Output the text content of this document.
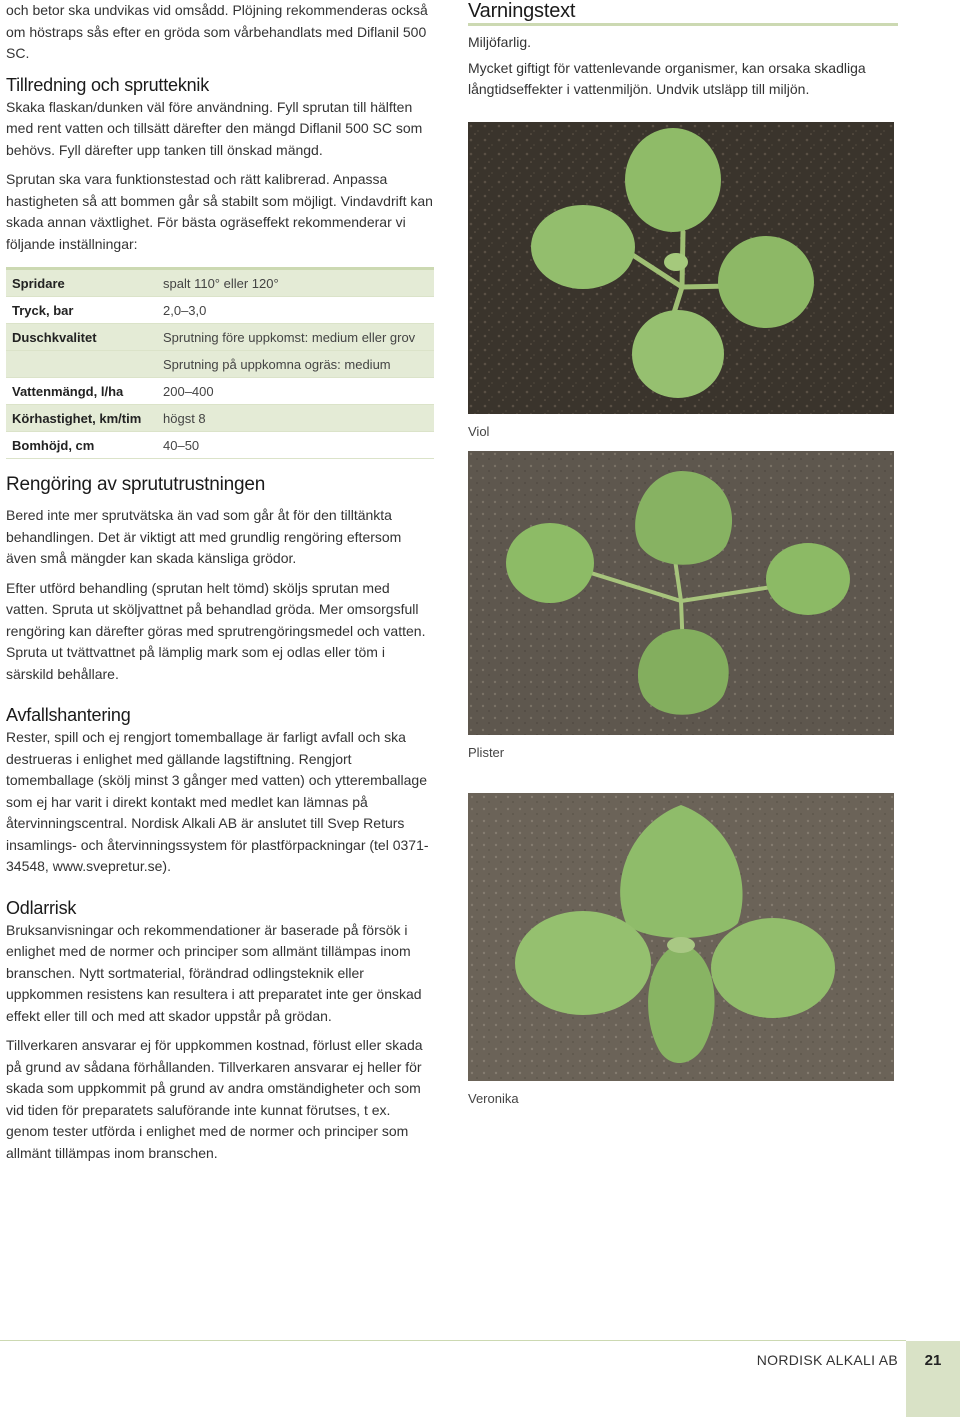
och betor ska undvikas vid omsådd. Plöjning rekommenderas också om höstraps sås efter en gröda som vårbehandlats med Diflanil 500 SC.

Tillredning och sprutteknik

Skaka flaskan/dunken väl före användning. Fyll sprutan till hälften med rent vatten och tillsätt därefter den mängd Diflanil 500 SC som behövs. Fyll därefter upp tanken till önskad mängd.

Sprutan ska vara funktionstestad och rätt kalibrerad. Anpassa hastigheten så att bommen går så stabilt som möjligt. Vindavdrift kan skada annan växtlighet. För bästa ogräseffekt rekommenderar vi följande inställningar:

Spridare	spalt 110° eller 120°
Tryck, bar	2,0–3,0
Duschkvalitet	Sprutning före uppkomst: medium eller grov
Sprutning på uppkomna ogräs: medium
Vattenmängd, l/ha	200–400
Körhastighet, km/tim	högst 8
Bomhöjd, cm	40–50
Rengöring av sprututrustningen

Bered inte mer sprutvätska än vad som går åt för den tilltänkta behandlingen. Det är viktigt att med grundlig rengöring eftersom även små mängder kan skada känsliga grödor.

Efter utförd behandling (sprutan helt tömd) sköljs sprutan med vatten. Spruta ut sköljvattnet på behandlad gröda. Mer omsorgsfull rengöring kan därefter göras med sprutrengöringsmedel och vatten. Spruta ut tvättvattnet på lämplig mark som ej odlas eller töm i särskild behållare.

Avfallshantering

Rester, spill och ej rengjort tomemballage är farligt avfall och ska destrueras i enlighet med gällande lagstiftning. Rengjort tomemballage (skölj minst 3 gånger med vatten) och ytteremballage som ej har varit i direkt kontakt med medlet kan lämnas på återvinningscentral. Nordisk Alkali AB är anslutet till Svep Returs insamlings- och återvinningssystem för plastförpackningar (tel 0371-34548, www.svepretur.se).

Odlarrisk

Bruksanvisningar och rekommendationer är baserade på försök i enlighet med de normer och principer som allmänt tillämpas inom branschen. Nytt sortmaterial, förändrad odlingsteknik eller uppkommen resistens kan resultera i att preparatet inte ger önskad effekt eller till och med att skador uppstår på grödan.

Tillverkaren ansvarar ej för uppkommen kostnad, förlust eller skada på grund av sådana förhållanden. Tillverkaren ansvarar ej heller för skada som uppkommit på grund av andra omständigheter och som vid tiden för preparatets saluförande inte kunnat förutses, t ex. genom tester utförda i enlighet med de normer och principer som allmänt tillämpas inom branschen.

Varningstext

Miljöfarlig.

Mycket giftigt för vattenlevande organismer, kan orsaka skadliga långtidseffekter i vattenmiljön. Undvik utsläpp till miljön.

Viol
Plister
Veronika
NORDISK ALKALI AB	21
